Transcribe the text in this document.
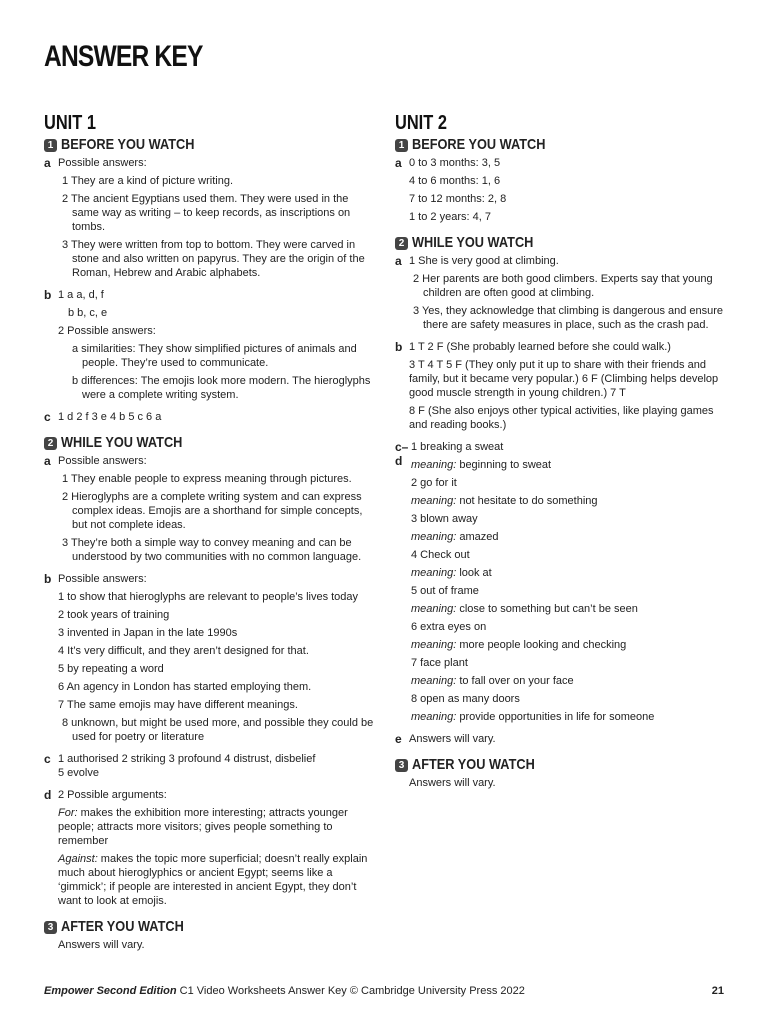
ANSWER KEY
UNIT 1
1 BEFORE YOU WATCH
a Possible answers:
1 They are a kind of picture writing.
2 The ancient Egyptians used them. They were used in the same way as writing – to keep records, as inscriptions on tombs.
3 They were written from top to bottom. They were carved in stone and also written on papyrus. They are the origin of the Roman, Hebrew and Arabic alphabets.
b 1 a a, d, f
b b, c, e
2 Possible answers:
a similarities: They show simplified pictures of animals and people. They’re used to communicate.
b differences: The emojis look more modern. The hieroglyphs were a complete writing system.
c 1 d 2 f 3 e 4 b 5 c 6 a
2 WHILE YOU WATCH
a Possible answers:
1 They enable people to express meaning through pictures.
2 Hieroglyphs are a complete writing system and can express complex ideas. Emojis are a shorthand for simple concepts, but not complete ideas.
3 They’re both a simple way to convey meaning and can be understood by two communities with no common language.
b Possible answers:
1 to show that hieroglyphs are relevant to people’s lives today
2 took years of training
3 invented in Japan in the late 1990s
4 It’s very difficult, and they aren’t designed for that.
5 by repeating a word
6 An agency in London has started employing them.
7 The same emojis may have different meanings.
8 unknown, but might be used more, and possible they could be used for poetry or literature
c 1 authorised 2 striking 3 profound 4 distrust, disbelief
5 evolve
d 2 Possible arguments:
For: makes the exhibition more interesting; attracts younger people; attracts more visitors; gives people something to remember
Against: makes the topic more superficial; doesn’t really explain much about hieroglyphics or ancient Egypt; seems like a ‘gimmick’; if people are interested in ancient Egypt, they don’t want to look at emojis.
3 AFTER YOU WATCH
Answers will vary.
UNIT 2
1 BEFORE YOU WATCH
a 0 to 3 months: 3, 5
4 to 6 months: 1, 6
7 to 12 months: 2, 8
1 to 2 years: 4, 7
2 WHILE YOU WATCH
a 1 She is very good at climbing.
2 Her parents are both good climbers. Experts say that young children are often good at climbing.
3 Yes, they acknowledge that climbing is dangerous and ensure there are safety measures in place, such as the crash pad.
b 1 T 2 F (She probably learned before she could walk.)
3 T 4 T 5 F (They only put it up to share with their friends and family, but it became very popular.) 6 F (Climbing helps develop good muscle strength in young children.) 7 T
8 F (She also enjoys other typical activities, like playing games and reading books.)
c–d
1 breaking a sweat
meaning: beginning to sweat
2 go for it
meaning: not hesitate to do something
3 blown away
meaning: amazed
4 Check out
meaning: look at
5 out of frame
meaning: close to something but can’t be seen
6 extra eyes on
meaning: more people looking and checking
7 face plant
meaning: to fall over on your face
8 open as many doors
meaning: provide opportunities in life for someone
e Answers will vary.
3 AFTER YOU WATCH
Answers will vary.
Empower Second Edition C1 Video Worksheets Answer Key © Cambridge University Press 2022	21
